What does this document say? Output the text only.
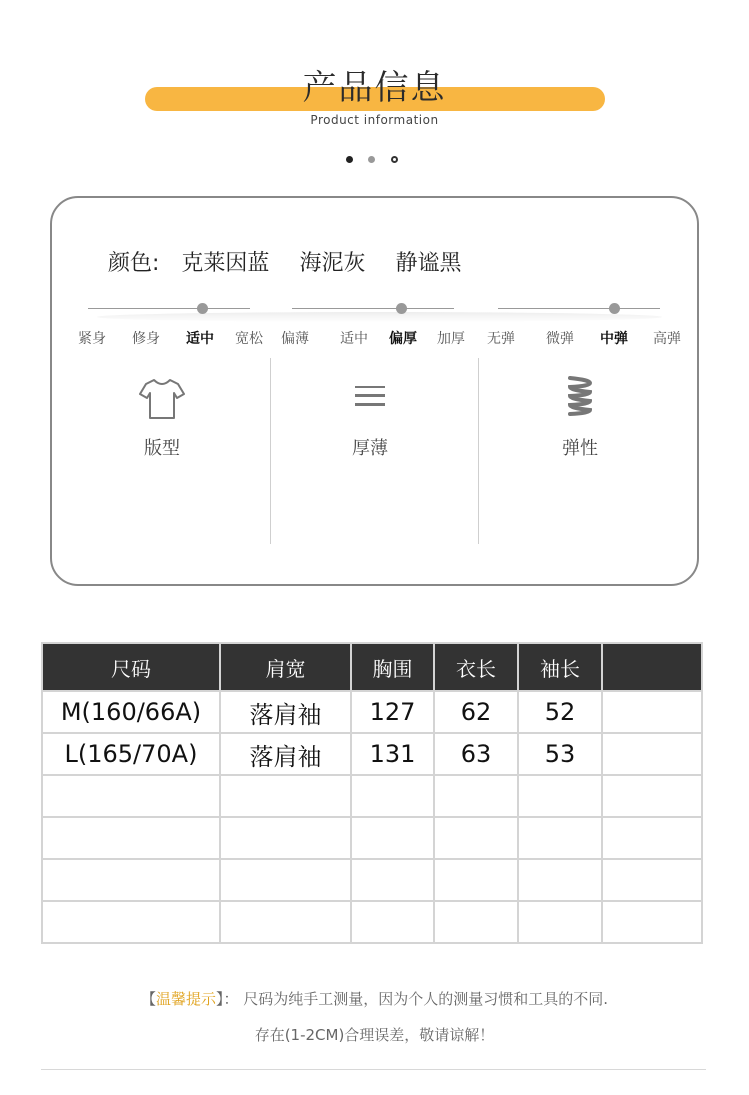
产品信息
Product information
颜色: 克莱因蓝 海泥灰 静谧黑
版型
紧身 修身 适中 宽松
厚薄
偏薄 适中 偏厚 加厚
弹性
无弹 微弹 中弹 高弹
尺码	肩宽	胸围	衣长	袖长	
M(160/66A)	落肩袖	127	62	52	
L(165/70A)	落肩袖	131	63	53	

【温馨提示】： 尺码为纯手工测量，因为个人的测量习惯和工具的不同.
存在(1-2CM)合理误差，敬请谅解！
